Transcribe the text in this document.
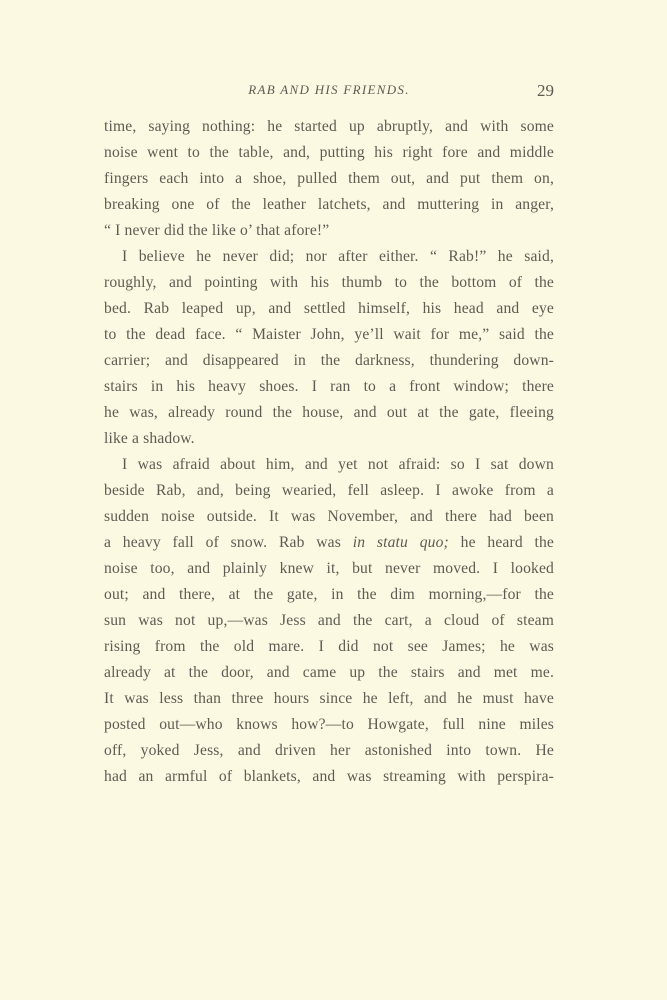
RAB AND HIS FRIENDS.	29
time, saying nothing: he started up abruptly, and with some
noise went to the table, and, putting his right fore and middle
fingers each into a shoe, pulled them out, and put them on,
breaking one of the leather latchets, and muttering in anger,
“ I never did the like o’ that afore!”
I believe he never did; nor after either. “ Rab!” he said,
roughly, and pointing with his thumb to the bottom of the
bed. Rab leaped up, and settled himself, his head and eye
to the dead face. “ Maister John, ye’ll wait for me,” said the
carrier; and disappeared in the darkness, thundering down-
stairs in his heavy shoes. I ran to a front window; there
he was, already round the house, and out at the gate, fleeing
like a shadow.
I was afraid about him, and yet not afraid: so I sat down
beside Rab, and, being wearied, fell asleep. I awoke from a
sudden noise outside. It was November, and there had been
a heavy fall of snow. Rab was in statu quo; he heard the
noise too, and plainly knew it, but never moved. I looked
out; and there, at the gate, in the dim morning,—for the
sun was not up,—was Jess and the cart, a cloud of steam
rising from the old mare. I did not see James; he was
already at the door, and came up the stairs and met me.
It was less than three hours since he left, and he must have
posted out—who knows how?—to Howgate, full nine miles
off, yoked Jess, and driven her astonished into town. He
had an armful of blankets, and was streaming with perspira-
